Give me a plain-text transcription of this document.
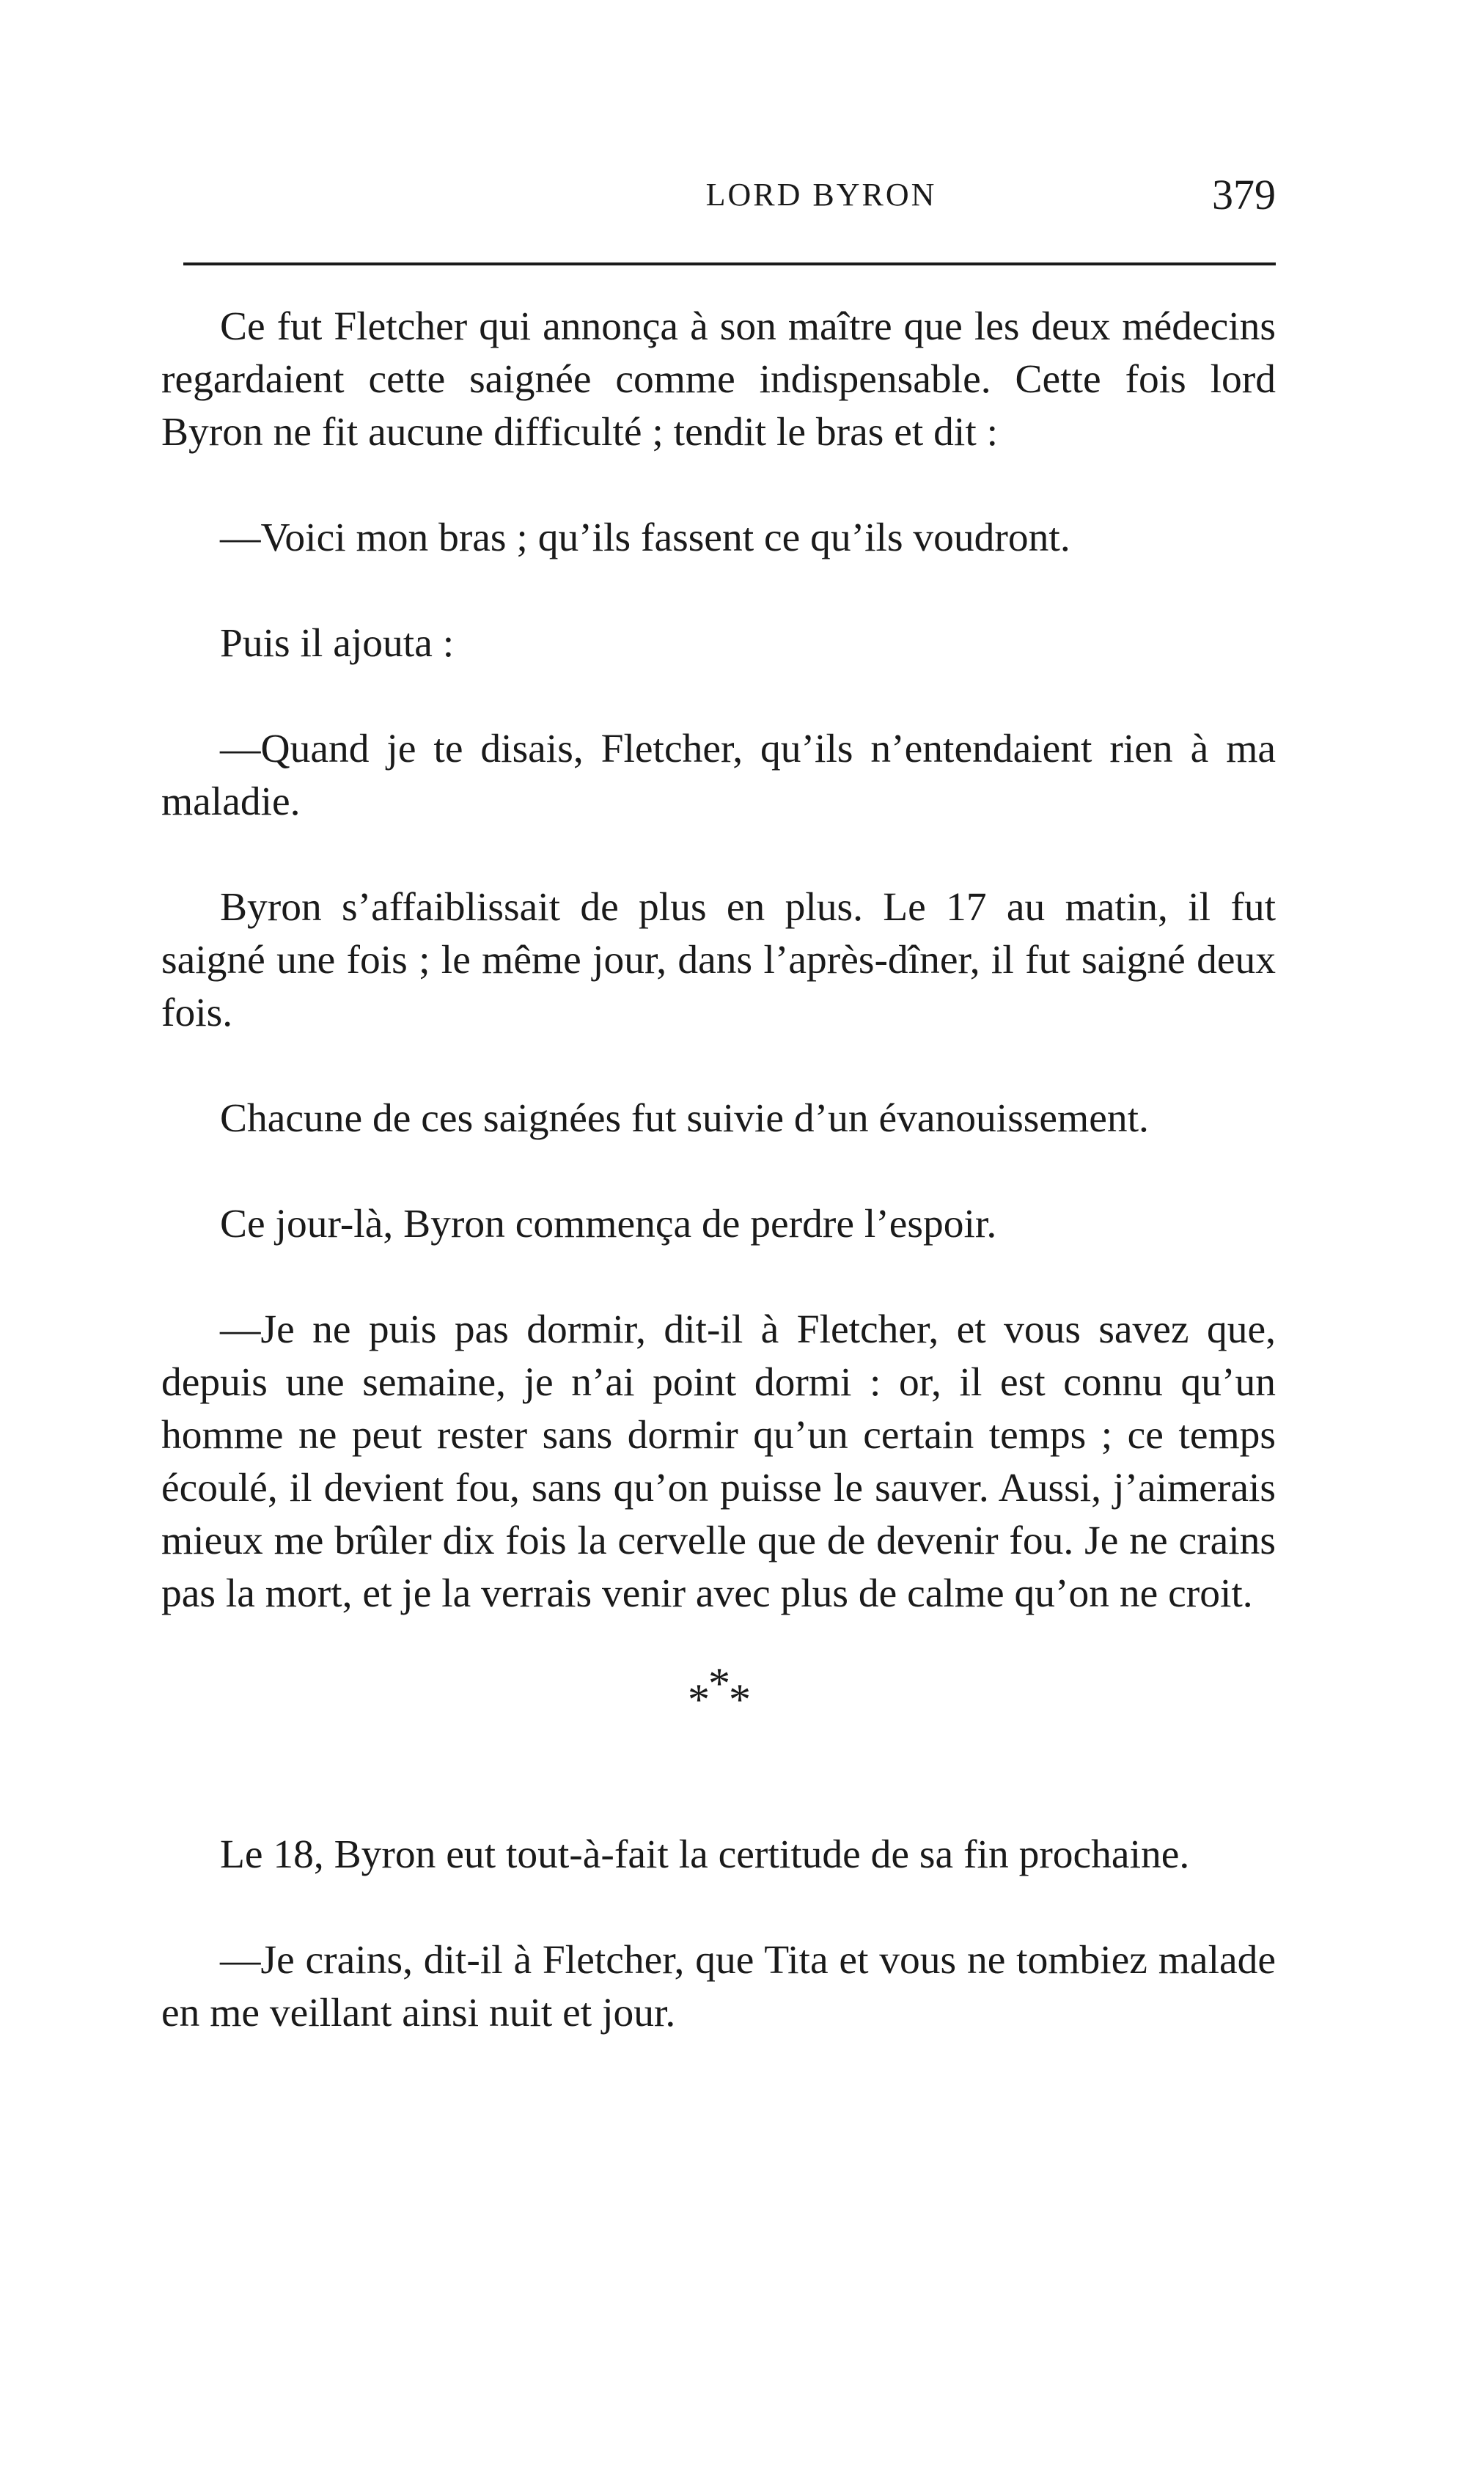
LORD BYRON	379

Ce fut Fletcher qui annonça à son maître que les deux médecins regardaient cette saignée comme indispensable. Cette fois lord Byron ne fit aucune difficulté ; tendit le bras et dit :

—Voici mon bras ; qu’ils fassent ce qu’ils voudront.

Puis il ajouta :

—Quand je te disais, Fletcher, qu’ils n’entendaient rien à ma maladie.

Byron s’affaiblissait de plus en plus. Le 17 au matin, il fut saigné une fois ; le même jour, dans l’après-dîner, il fut saigné deux fois.

Chacune de ces saignées fut suivie d’un évanouissement.

Ce jour-là, Byron commença de perdre l’espoir.

—Je ne puis pas dormir, dit-il à Fletcher, et vous savez que, depuis une semaine, je n’ai point dormi : or, il est connu qu’un homme ne peut rester sans dormir qu’un certain temps ; ce temps écoulé, il devient fou, sans qu’on puisse le sauver. Aussi, j’aimerais mieux me brûler dix fois la cervelle que de devenir fou. Je ne crains pas la mort, et je la verrais venir avec plus de calme qu’on ne croit.

***

Le 18, Byron eut tout-à-fait la certitude de sa fin prochaine.

—Je crains, dit-il à Fletcher, que Tita et vous ne tombiez malade en me veillant ainsi nuit et jour.
